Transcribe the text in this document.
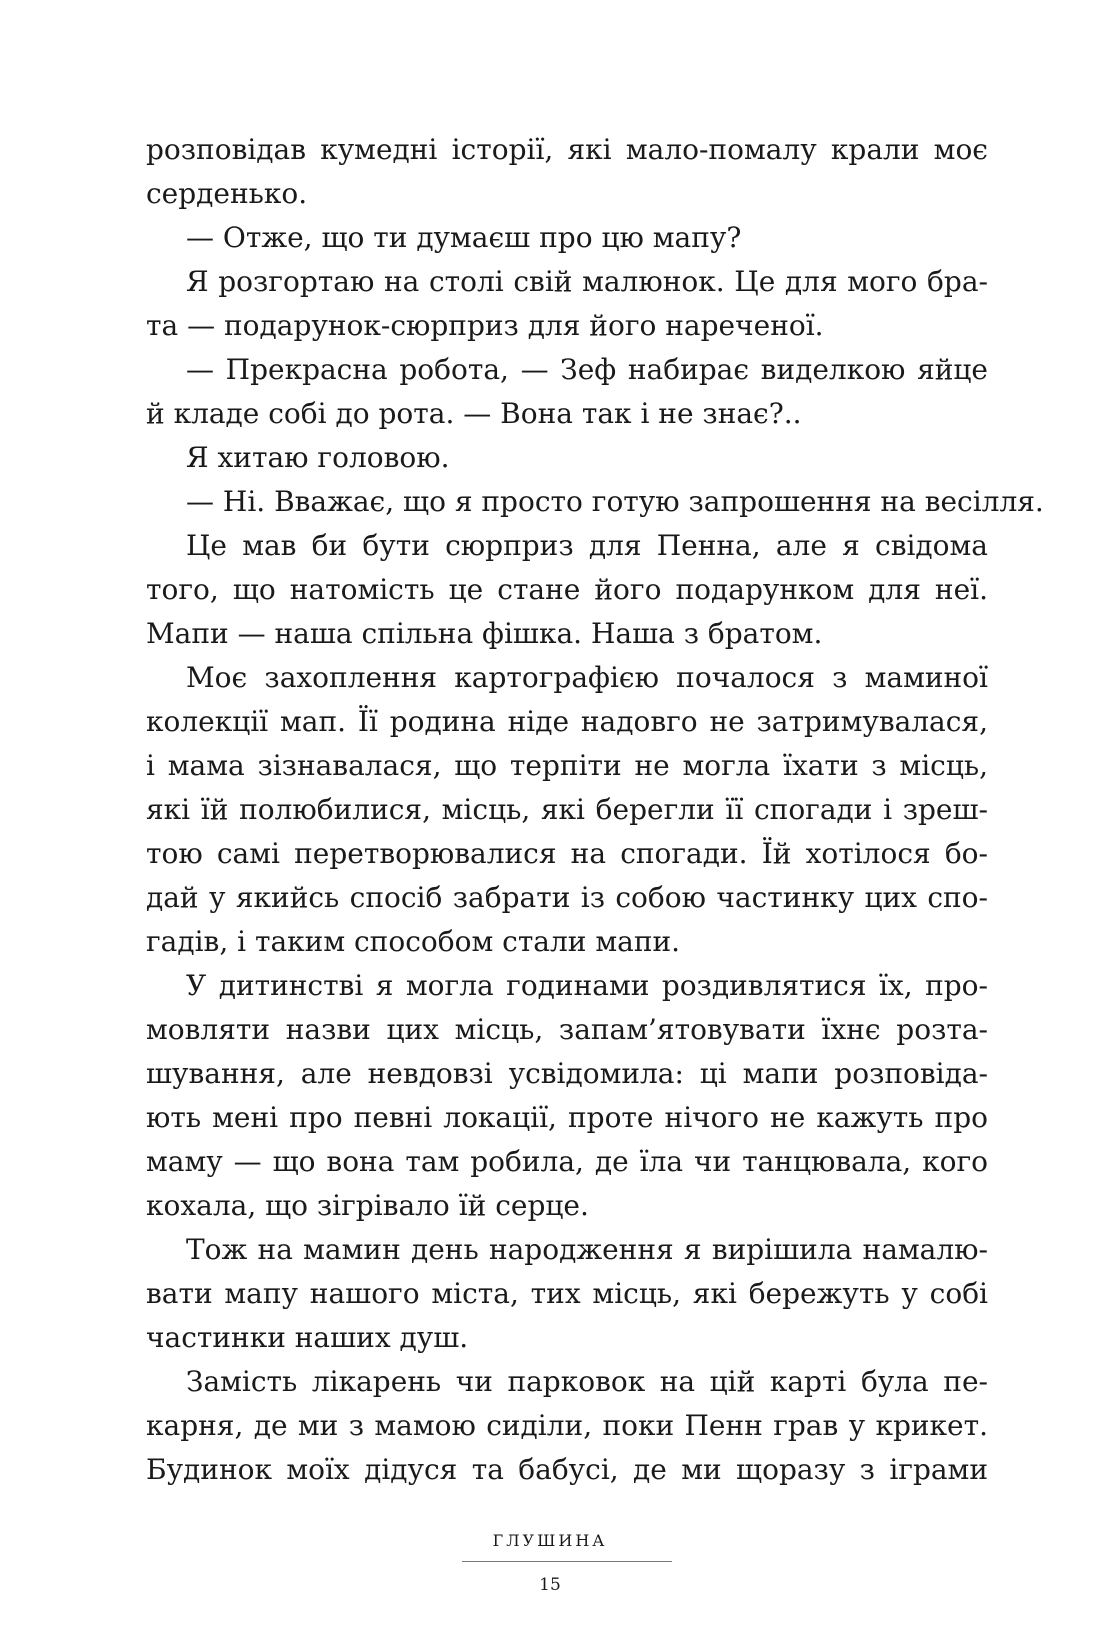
розповідав кумедні історії, які мало-помалу крали моє
серденько.
— Отже, що ти думаєш про цю мапу?
Я розгортаю на столі свій малюнок. Це для мого бра-
та — подарунок-сюрприз для його нареченої.
— Прекрасна робота, — Зеф набирає виделкою яйце
й кладе собі до рота. — Вона так і не знає?..
Я хитаю головою.
— Ні. Вважає, що я просто готую запрошення на весілля.
Це мав би бути сюрприз для Пенна, але я свідома
того, що натомість це стане його подарунком для неї.
Мапи — наша спільна фішка. Наша з братом.
Моє захоплення картографією почалося з маминої
колекції мап. Її родина ніде надовго не затримувалася,
і мама зізнавалася, що терпіти не могла їхати з місць,
які їй полюбилися, місць, які берегли її спогади і зреш-
тою самі перетворювалися на спогади. Їй хотілося бо-
дай у якийсь спосіб забрати із собою частинку цих спо-
гадів, і таким способом стали мапи.
У дитинстві я могла годинами роздивлятися їх, про-
мовляти назви цих місць, запам’ятовувати їхнє розта-
шування, але невдовзі усвідомила: ці мапи розповіда-
ють мені про певні локації, проте нічого не кажуть про
маму — що вона там робила, де їла чи танцювала, кого
кохала, що зігрівало їй серце.
Тож на мамин день народження я вирішила намалю-
вати мапу нашого міста, тих місць, які бережуть у собі
частинки наших душ.
Замість лікарень чи парковок на цій карті була пе-
карня, де ми з мамою сиділи, поки Пенн грав у крикет.
Будинок моїх дідуся та бабусі, де ми щоразу з іграми
ГЛУШИНА
15
